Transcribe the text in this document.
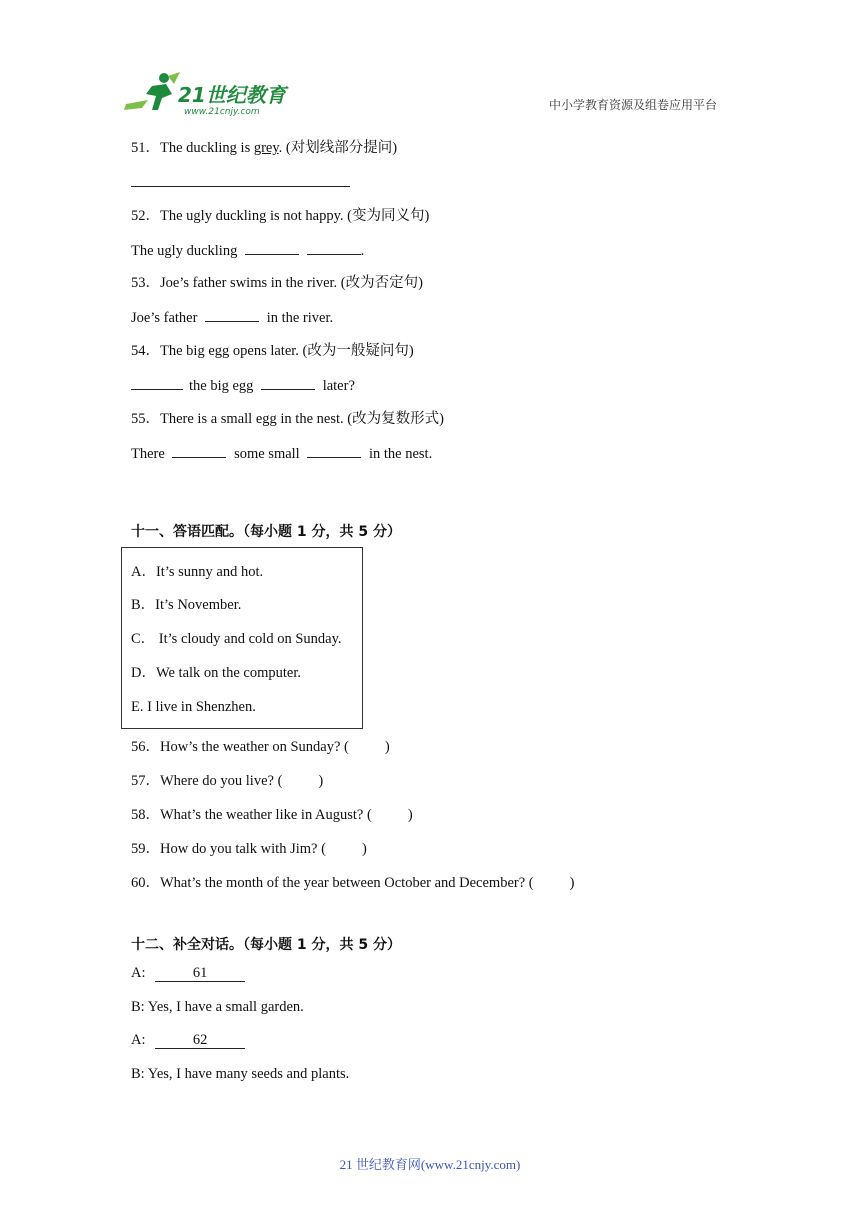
21世纪教育
www.21cnjy.com	中小学教育资源及组卷应用平台
51．The duckling is grey. (对划线部分提问)
52．The ugly duckling is not happy. (变为同义句)
The ugly duckling	.
53．Joe’s father swims in the river. (改为否定句)
Joe’s father	in the river.
54．The big egg opens later. (改为一般疑问句)
the big egg	later?
55．There is a small egg in the nest. (改为复数形式)
There	some small	in the nest.
十一、答语匹配。（每小题 1 分，共 5 分）
A．It’s sunny and hot.
B．It’s November.
C． It’s cloudy and cold on Sunday.
D．We talk on the computer.
E. I live in Shenzhen.
56．How’s the weather on Sunday? ( )
57．Where do you live? ( )
58．What’s the weather like in August? ( )
59．How do you talk with Jim? ( )
60．What’s the month of the year between October and December? ( )
十二、补全对话。（每小题 1 分，共 5 分）
A:	61
B: Yes, I have a small garden.
A:	62
B: Yes, I have many seeds and plants.
21 世纪教育网(www.21cnjy.com)
